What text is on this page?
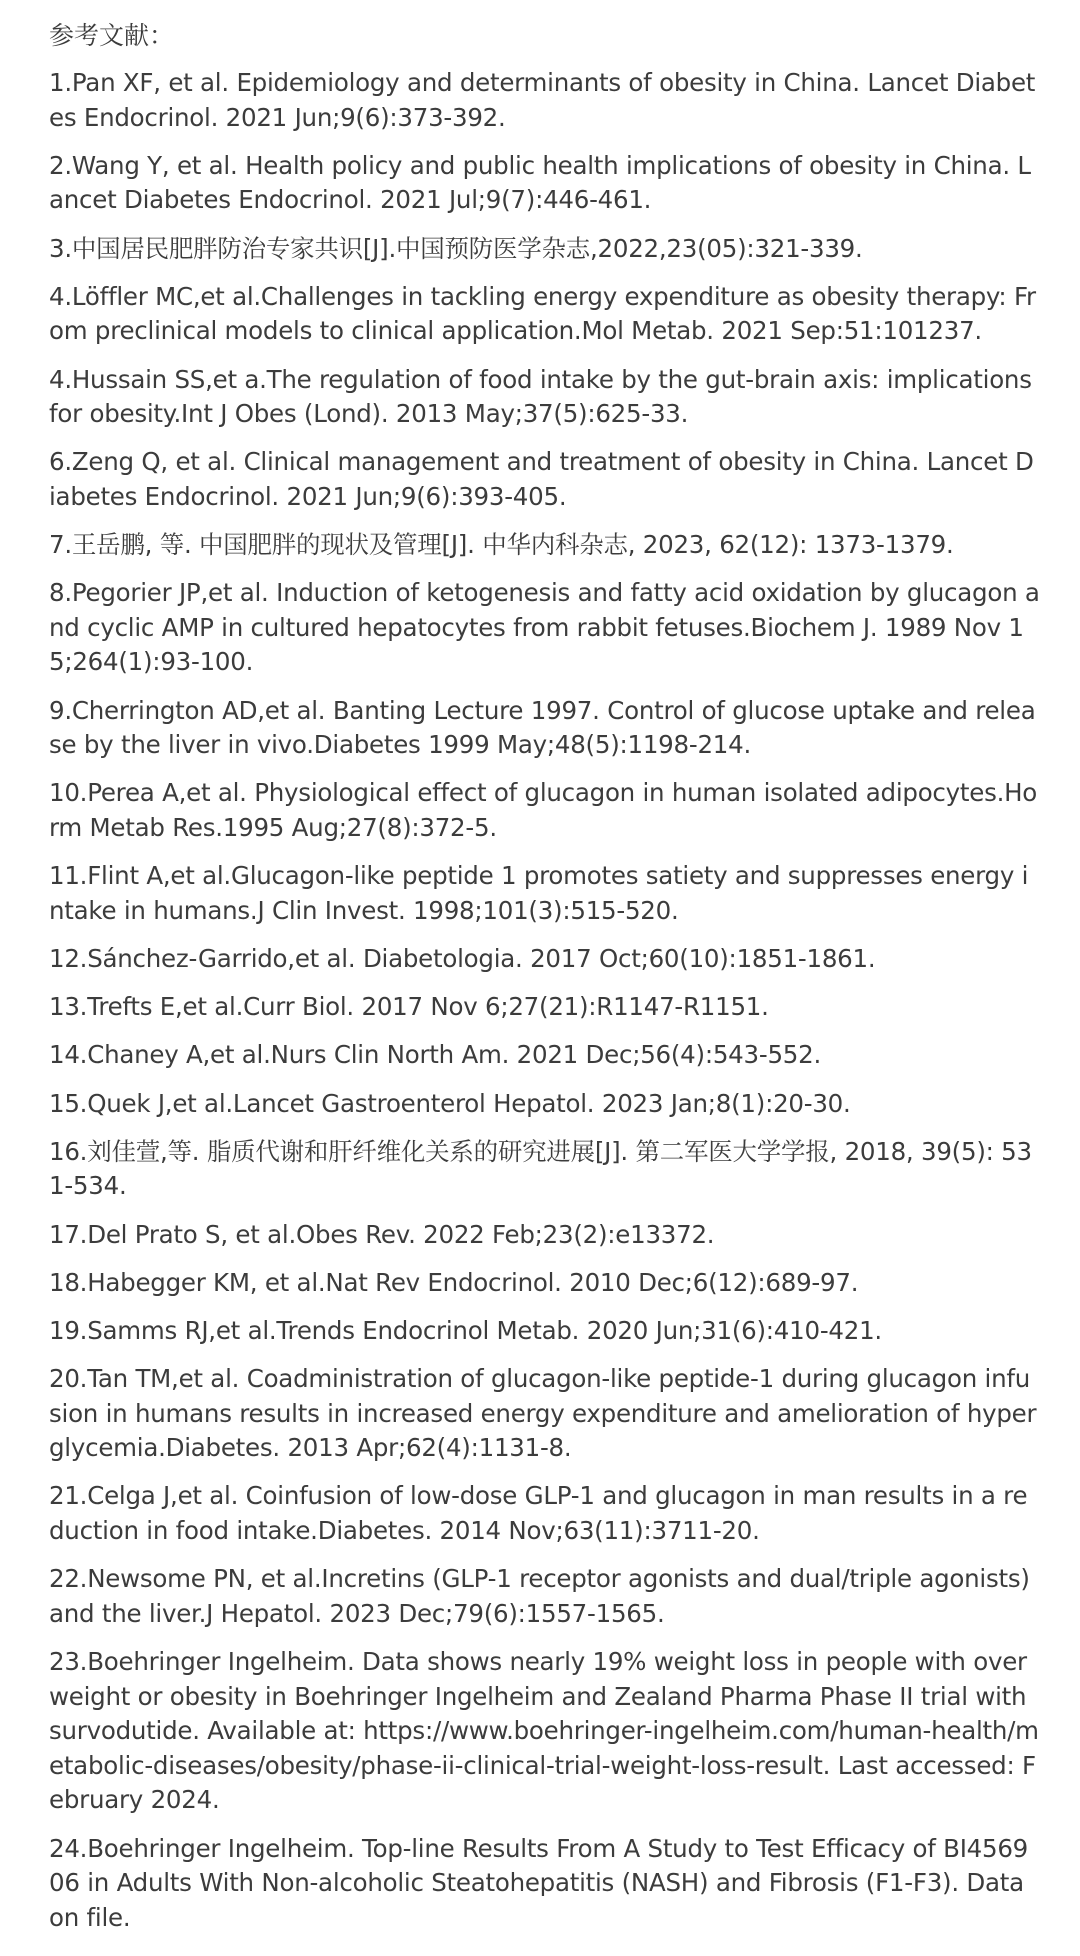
参考文献：
1.Pan XF, et al. Epidemiology and determinants of obesity in China. Lancet Diabetes Endocrinol. 2021 Jun;9(6):373-392.
2.Wang Y, et al. Health policy and public health implications of obesity in China. Lancet Diabetes Endocrinol. 2021 Jul;9(7):446-461.
3.中国居民肥胖防治专家共识[J].中国预防医学杂志,2022,23(05):321-339.
4.Löffler MC,et al.Challenges in tackling energy expenditure as obesity therapy: From preclinical models to clinical application.Mol Metab. 2021 Sep:51:101237.
4.Hussain SS,et a.The regulation of food intake by the gut-brain axis: implications for obesity.Int J Obes (Lond). 2013 May;37(5):625-33.
6.Zeng Q, et al. Clinical management and treatment of obesity in China. Lancet Diabetes Endocrinol. 2021 Jun;9(6):393-405.
7.王岳鹏, 等. 中国肥胖的现状及管理[J]. 中华内科杂志, 2023, 62(12): 1373-1379.
8.Pegorier JP,et al. Induction of ketogenesis and fatty acid oxidation by glucagon and cyclic AMP in cultured hepatocytes from rabbit fetuses.Biochem J. 1989 Nov 15;264(1):93-100.
9.Cherrington AD,et al. Banting Lecture 1997. Control of glucose uptake and release by the liver in vivo.Diabetes 1999 May;48(5):1198-214.
10.Perea A,et al. Physiological effect of glucagon in human isolated adipocytes.Horm Metab Res.1995 Aug;27(8):372-5.
11.Flint A,et al.Glucagon-like peptide 1 promotes satiety and suppresses energy intake in humans.J Clin Invest. 1998;101(3):515-520.
12.Sánchez-Garrido,et al. Diabetologia. 2017 Oct;60(10):1851-1861.
13.Trefts E,et al.Curr Biol. 2017 Nov 6;27(21):R1147-R1151.
14.Chaney A,et al.Nurs Clin North Am. 2021 Dec;56(4):543-552.
15.Quek J,et al.Lancet Gastroenterol Hepatol. 2023 Jan;8(1):20-30.
16.刘佳萱,等. 脂质代谢和肝纤维化关系的研究进展[J]. 第二军医大学学报, 2018, 39(5): 531-534.
17.Del Prato S, et al.Obes Rev. 2022 Feb;23(2):e13372.
18.Habegger KM, et al.Nat Rev Endocrinol. 2010 Dec;6(12):689-97.
19.Samms RJ,et al.Trends Endocrinol Metab. 2020 Jun;31(6):410-421.
20.Tan TM,et al. Coadministration of glucagon-like peptide-1 during glucagon infusion in humans results in increased energy expenditure and amelioration of hyperglycemia.Diabetes. 2013 Apr;62(4):1131-8.
21.Celga J,et al. Coinfusion of low-dose GLP-1 and glucagon in man results in a reduction in food intake.Diabetes. 2014 Nov;63(11):3711-20.
22.Newsome PN, et al.Incretins (GLP-1 receptor agonists and dual/triple agonists) and the liver.J Hepatol. 2023 Dec;79(6):1557-1565.
23.Boehringer Ingelheim. Data shows nearly 19% weight loss in people with overweight or obesity in Boehringer Ingelheim and Zealand Pharma Phase II trial with survodutide. Available at: https://www.boehringer-ingelheim.com/human-health/metabolic-diseases/obesity/phase-ii-clinical-trial-weight-loss-result. Last accessed: February 2024.
24.Boehringer Ingelheim. Top-line Results From A Study to Test Efficacy of BI456906 in Adults With Non-alcoholic Steatohepatitis (NASH) and Fibrosis (F1-F3). Data on file.
